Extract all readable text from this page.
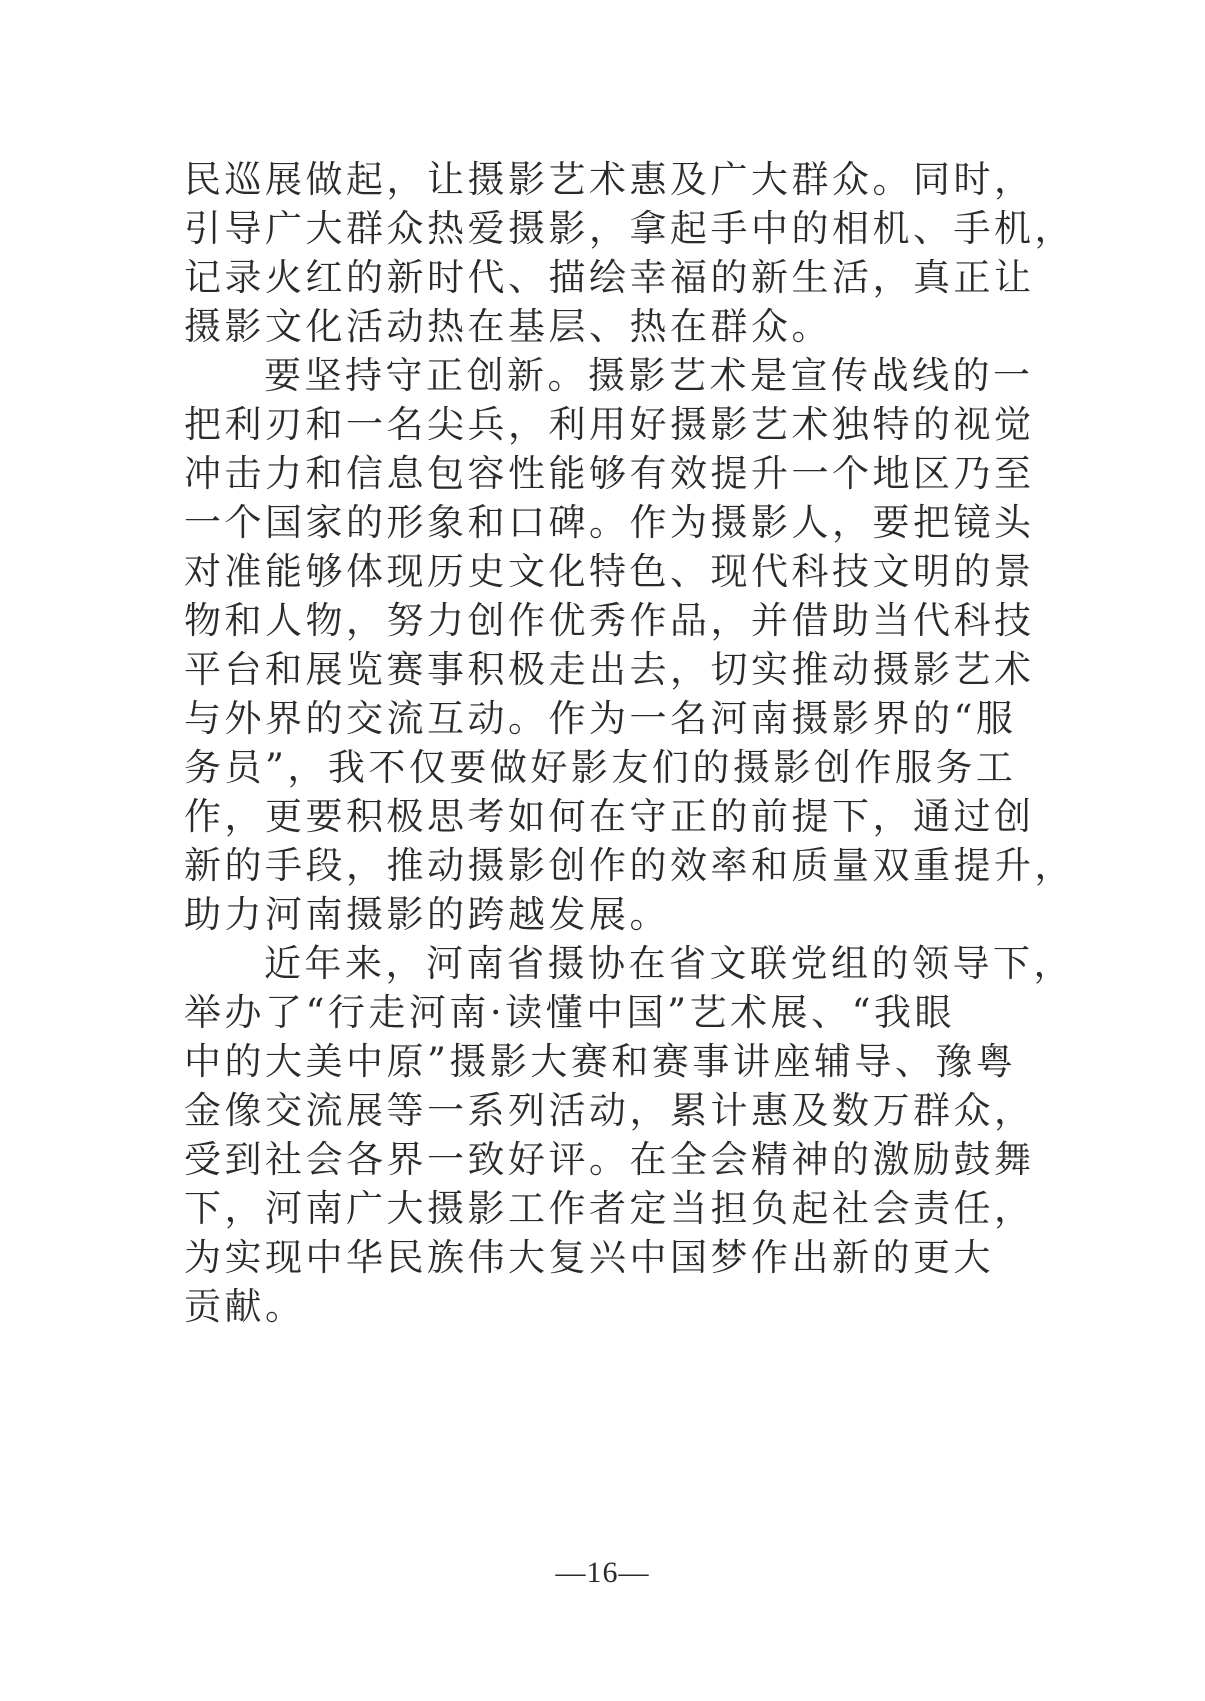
民巡展做起，让摄影艺术惠及广大群众。同时，
引导广大群众热爱摄影，拿起手中的相机、手机，
记录火红的新时代、描绘幸福的新生活，真正让
摄影文化活动热在基层、热在群众。
要坚持守正创新。摄影艺术是宣传战线的一
把利刃和一名尖兵，利用好摄影艺术独特的视觉
冲击力和信息包容性能够有效提升一个地区乃至
一个国家的形象和口碑。作为摄影人，要把镜头
对准能够体现历史文化特色、现代科技文明的景
物和人物，努力创作优秀作品，并借助当代科技
平台和展览赛事积极走出去，切实推动摄影艺术
与外界的交流互动。作为一名河南摄影界的“服
务员”，我不仅要做好影友们的摄影创作服务工
作，更要积极思考如何在守正的前提下，通过创
新的手段，推动摄影创作的效率和质量双重提升，
助力河南摄影的跨越发展。
近年来，河南省摄协在省文联党组的领导下，
举办了“行走河南·读懂中国”艺术展、“我眼
中的大美中原”摄影大赛和赛事讲座辅导、豫粤
金像交流展等一系列活动，累计惠及数万群众，
受到社会各界一致好评。在全会精神的激励鼓舞
下，河南广大摄影工作者定当担负起社会责任，
为实现中华民族伟大复兴中国梦作出新的更大
贡献。
—16—
